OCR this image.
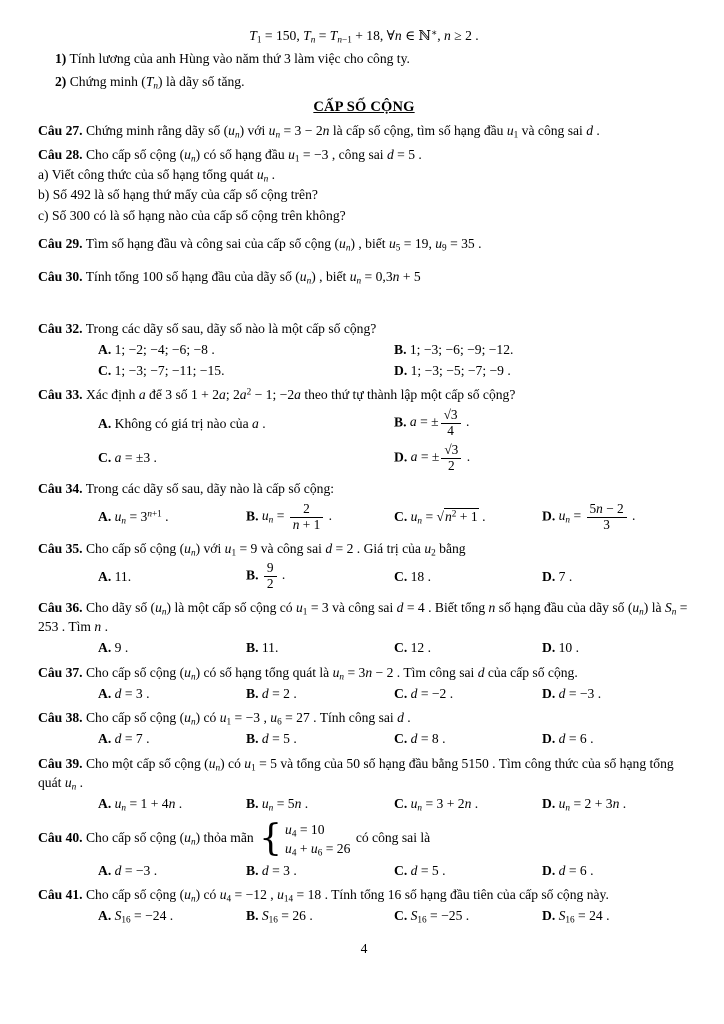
$T_1 = 150$, $T_n = T_{n-1} + 18$, ∀n ∈ ℕ∗, n ≥ 2 .

1) Tính lương của anh Hùng vào năm thứ 3 làm việc cho công ty.

2) Chứng minh $(T_n)$ là dãy số tăng.

CẤP SỐ CỘNG

Câu 27. Chứng minh rằng dãy số $(u_n)$ với $u_n = 3 - 2n$ là cấp số cộng, tìm số hạng đầu $u_1$ và công sai d .

Câu 28. Cho cấp số cộng $(u_n)$ có số hạng đầu $u_1 = -3$ , công sai d = 5 .

a) Viết công thức của số hạng tổng quát $u_n$ .

b) Số 492 là số hạng thứ mấy của cấp số cộng trên?

c) Số 300 có là số hạng nào của cấp số cộng trên không?

Câu 29. Tìm số hạng đầu và công sai của cấp số cộng $(u_n)$ , biết $u_5 = 19$, $u_9 = 35$ .

Câu 30. Tính tổng 100 số hạng đầu của dãy số $(u_n)$ , biết $u_n = 0,3n + 5$

Câu 32. Trong các dãy số sau, dãy số nào là một cấp số cộng?

A. 1; −2; −4; −6; −8 .	B. 1; −3; −6; −9; −12.
C. 1; −3; −7; −11; −15.	D. 1; −3; −5; −7; −9 .

Câu 33. Xác định a để 3 số 1 + 2a; $2a^2 - 1$; −2a theo thứ tự thành lập một cấp số cộng?

A. Không có giá trị nào của a .	B. a = ± $\frac{√3}{4}$ .
C. a = ±3 .	D. a = ± $\frac{√3}{2}$ .

Câu 34. Trong các dãy số sau, dãy nào là cấp số cộng:

A. $u_n = 3^{n+1}$ .	B. $u_n = \frac{2}{n + 1}$ .	C. $u_n = √n^2 + 1$ .	D. $u_n = \frac{5n - 2}{3}$ .

Câu 35. Cho cấp số cộng $(u_n)$ với $u_1 = 9$ và công sai d = 2 . Giá trị của $u_2$ bằng

A. 11.	B. $\frac{9}{2}$ .	C. 18 .	D. 7 .

Câu 36. Cho dãy số $(u_n)$ là một cấp số cộng có $u_1 = 3$ và công sai d = 4 . Biết tổng n số hạng đầu của dãy số $(u_n)$ là $S_n = 253$ . Tìm n .

A. 9 .	B. 11.	C. 12 .	D. 10 .

Câu 37. Cho cấp số cộng $(u_n)$ có số hạng tổng quát là $u_n = 3n - 2$ . Tìm công sai d của cấp số cộng.

A. d = 3 .	B. d = 2 .	C. d = −2 .	D. d = −3 .

Câu 38. Cho cấp số cộng $(u_n)$ có $u_1 = -3$ , $u_6 = 27$ . Tính công sai d .

A. d = 7 .	B. d = 5 .	C. d = 8 .	D. d = 6 .

Câu 39. Cho một cấp số cộng $(u_n)$ có $u_1 = 5$ và tổng của 50 số hạng đầu bằng 5150 . Tìm công thức của số hạng tổng quát $u_n$ .

A. $u_n = 1 + 4n$ .	B. $u_n = 5n$ .	C. $u_n = 3 + 2n$ .	D. $u_n = 2 + 3n$ .

Câu 40. Cho cấp số cộng $(u_n)$ thỏa mãn { $u_4 = 10$
$u_4 + u_6 = 26$
có công sai là

A. d = −3 .	B. d = 3 .	C. d = 5 .	D. d = 6 .

Câu 41. Cho cấp số cộng $(u_n)$ có $u_4 = -12$ , $u_{14} = 18$ . Tính tổng 16 số hạng đầu tiên của cấp số cộng này.

A. $S_{16} = -24$ .	B. $S_{16} = 26$ .	C. $S_{16} = -25$ .	D. $S_{16} = 24$ .
4
